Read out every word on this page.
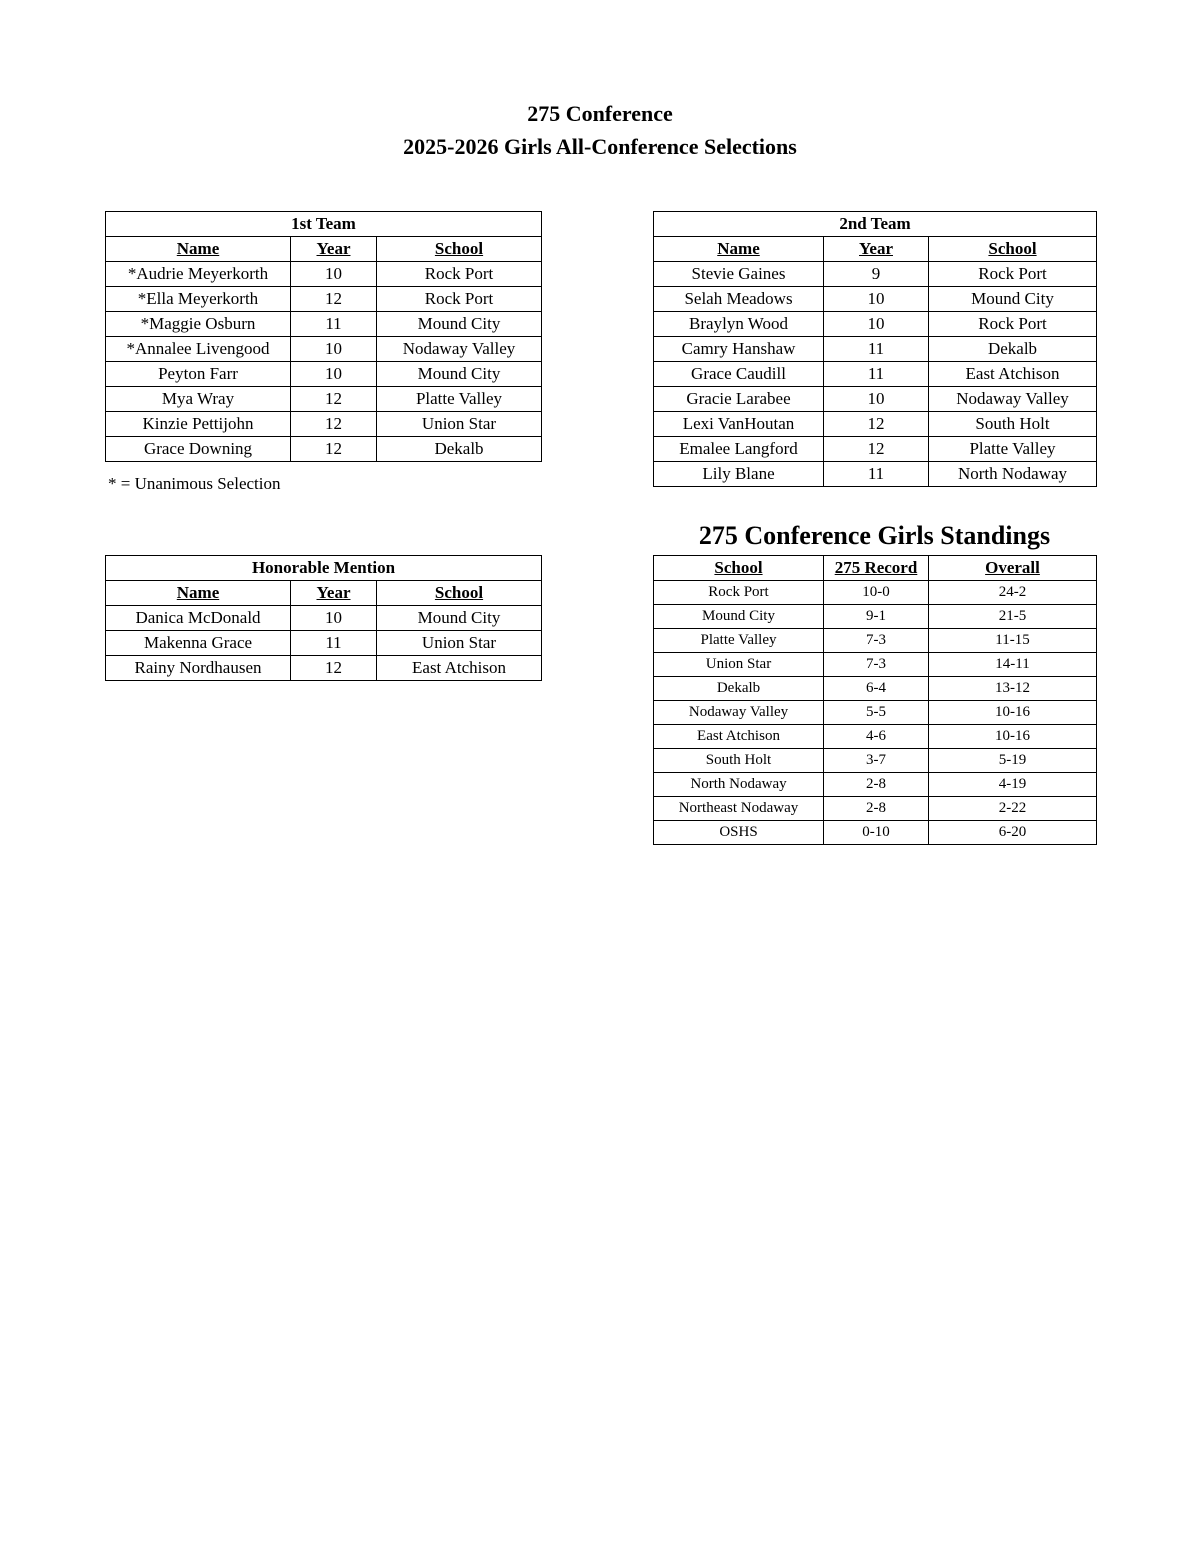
275 Conference
2025-2026 Girls All-Conference Selections
1st Team		
Name	Year	School
*Audrie Meyerkorth	10	Rock Port
*Ella Meyerkorth	12	Rock Port
*Maggie Osburn	11	Mound City
*Annalee Livengood	10	Nodaway Valley
Peyton Farr	10	Mound City
Mya Wray	12	Platte Valley
Kinzie Pettijohn	12	Union Star
Grace Downing	12	Dekalb
* = Unanimous Selection
2nd Team		
Name	Year	School
Stevie Gaines	9	Rock Port
Selah Meadows	10	Mound City
Braylyn Wood	10	Rock Port
Camry Hanshaw	11	Dekalb
Grace Caudill	11	East Atchison
Gracie Larabee	10	Nodaway Valley
Lexi VanHoutan	12	South Holt
Emalee Langford	12	Platte Valley
Lily Blane	11	North Nodaway
275 Conference Girls Standings
Honorable Mention		
Name	Year	School
Danica McDonald	10	Mound City
Makenna Grace	11	Union Star
Rainy Nordhausen	12	East Atchison
School	275 Record	Overall
Rock Port	10-0	24-2
Mound City	9-1	21-5
Platte Valley	7-3	11-15
Union Star	7-3	14-11
Dekalb	6-4	13-12
Nodaway Valley	5-5	10-16
East Atchison	4-6	10-16
South Holt	3-7	5-19
North Nodaway	2-8	4-19
Northeast Nodaway	2-8	2-22
OSHS	0-10	6-20
